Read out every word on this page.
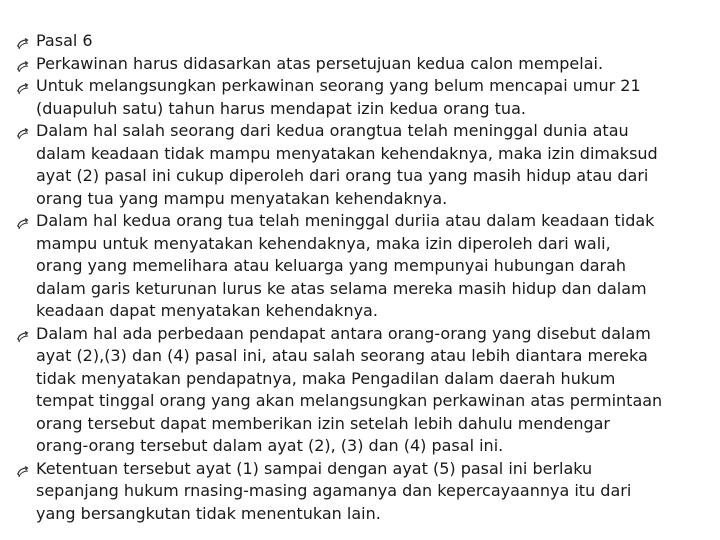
Pasal 6
Perkawinan harus didasarkan atas persetujuan kedua calon mempelai.
Untuk melangsungkan perkawinan seorang yang belum mencapai umur 21
(duapuluh satu) tahun harus mendapat izin kedua orang tua.
Dalam hal salah seorang dari kedua orangtua telah meninggal dunia atau
dalam keadaan tidak mampu menyatakan kehendaknya, maka izin dimaksud
ayat (2) pasal ini cukup diperoleh dari orang tua yang masih hidup atau dari
orang tua yang mampu menyatakan kehendaknya.
Dalam hal kedua orang tua telah meninggal duriia atau dalam keadaan tidak
mampu untuk menyatakan kehendaknya, maka izin diperoleh dari wali,
orang yang memelihara atau keluarga yang mempunyai hubungan darah
dalam garis keturunan lurus ke atas selama mereka masih hidup dan dalam
keadaan dapat menyatakan kehendaknya.
Dalam hal ada perbedaan pendapat antara orang-orang yang disebut dalam
ayat (2),(3) dan (4) pasal ini, atau salah seorang atau lebih diantara mereka
tidak menyatakan pendapatnya, maka Pengadilan dalam daerah hukum
tempat tinggal orang yang akan melangsungkan perkawinan atas permintaan
orang tersebut dapat memberikan izin setelah lebih dahulu mendengar
orang-orang tersebut dalam ayat (2), (3) dan (4) pasal ini.
Ketentuan tersebut ayat (1) sampai dengan ayat (5) pasal ini berlaku
sepanjang hukum rnasing-masing agamanya dan kepercayaannya itu dari
yang bersangkutan tidak menentukan lain.
